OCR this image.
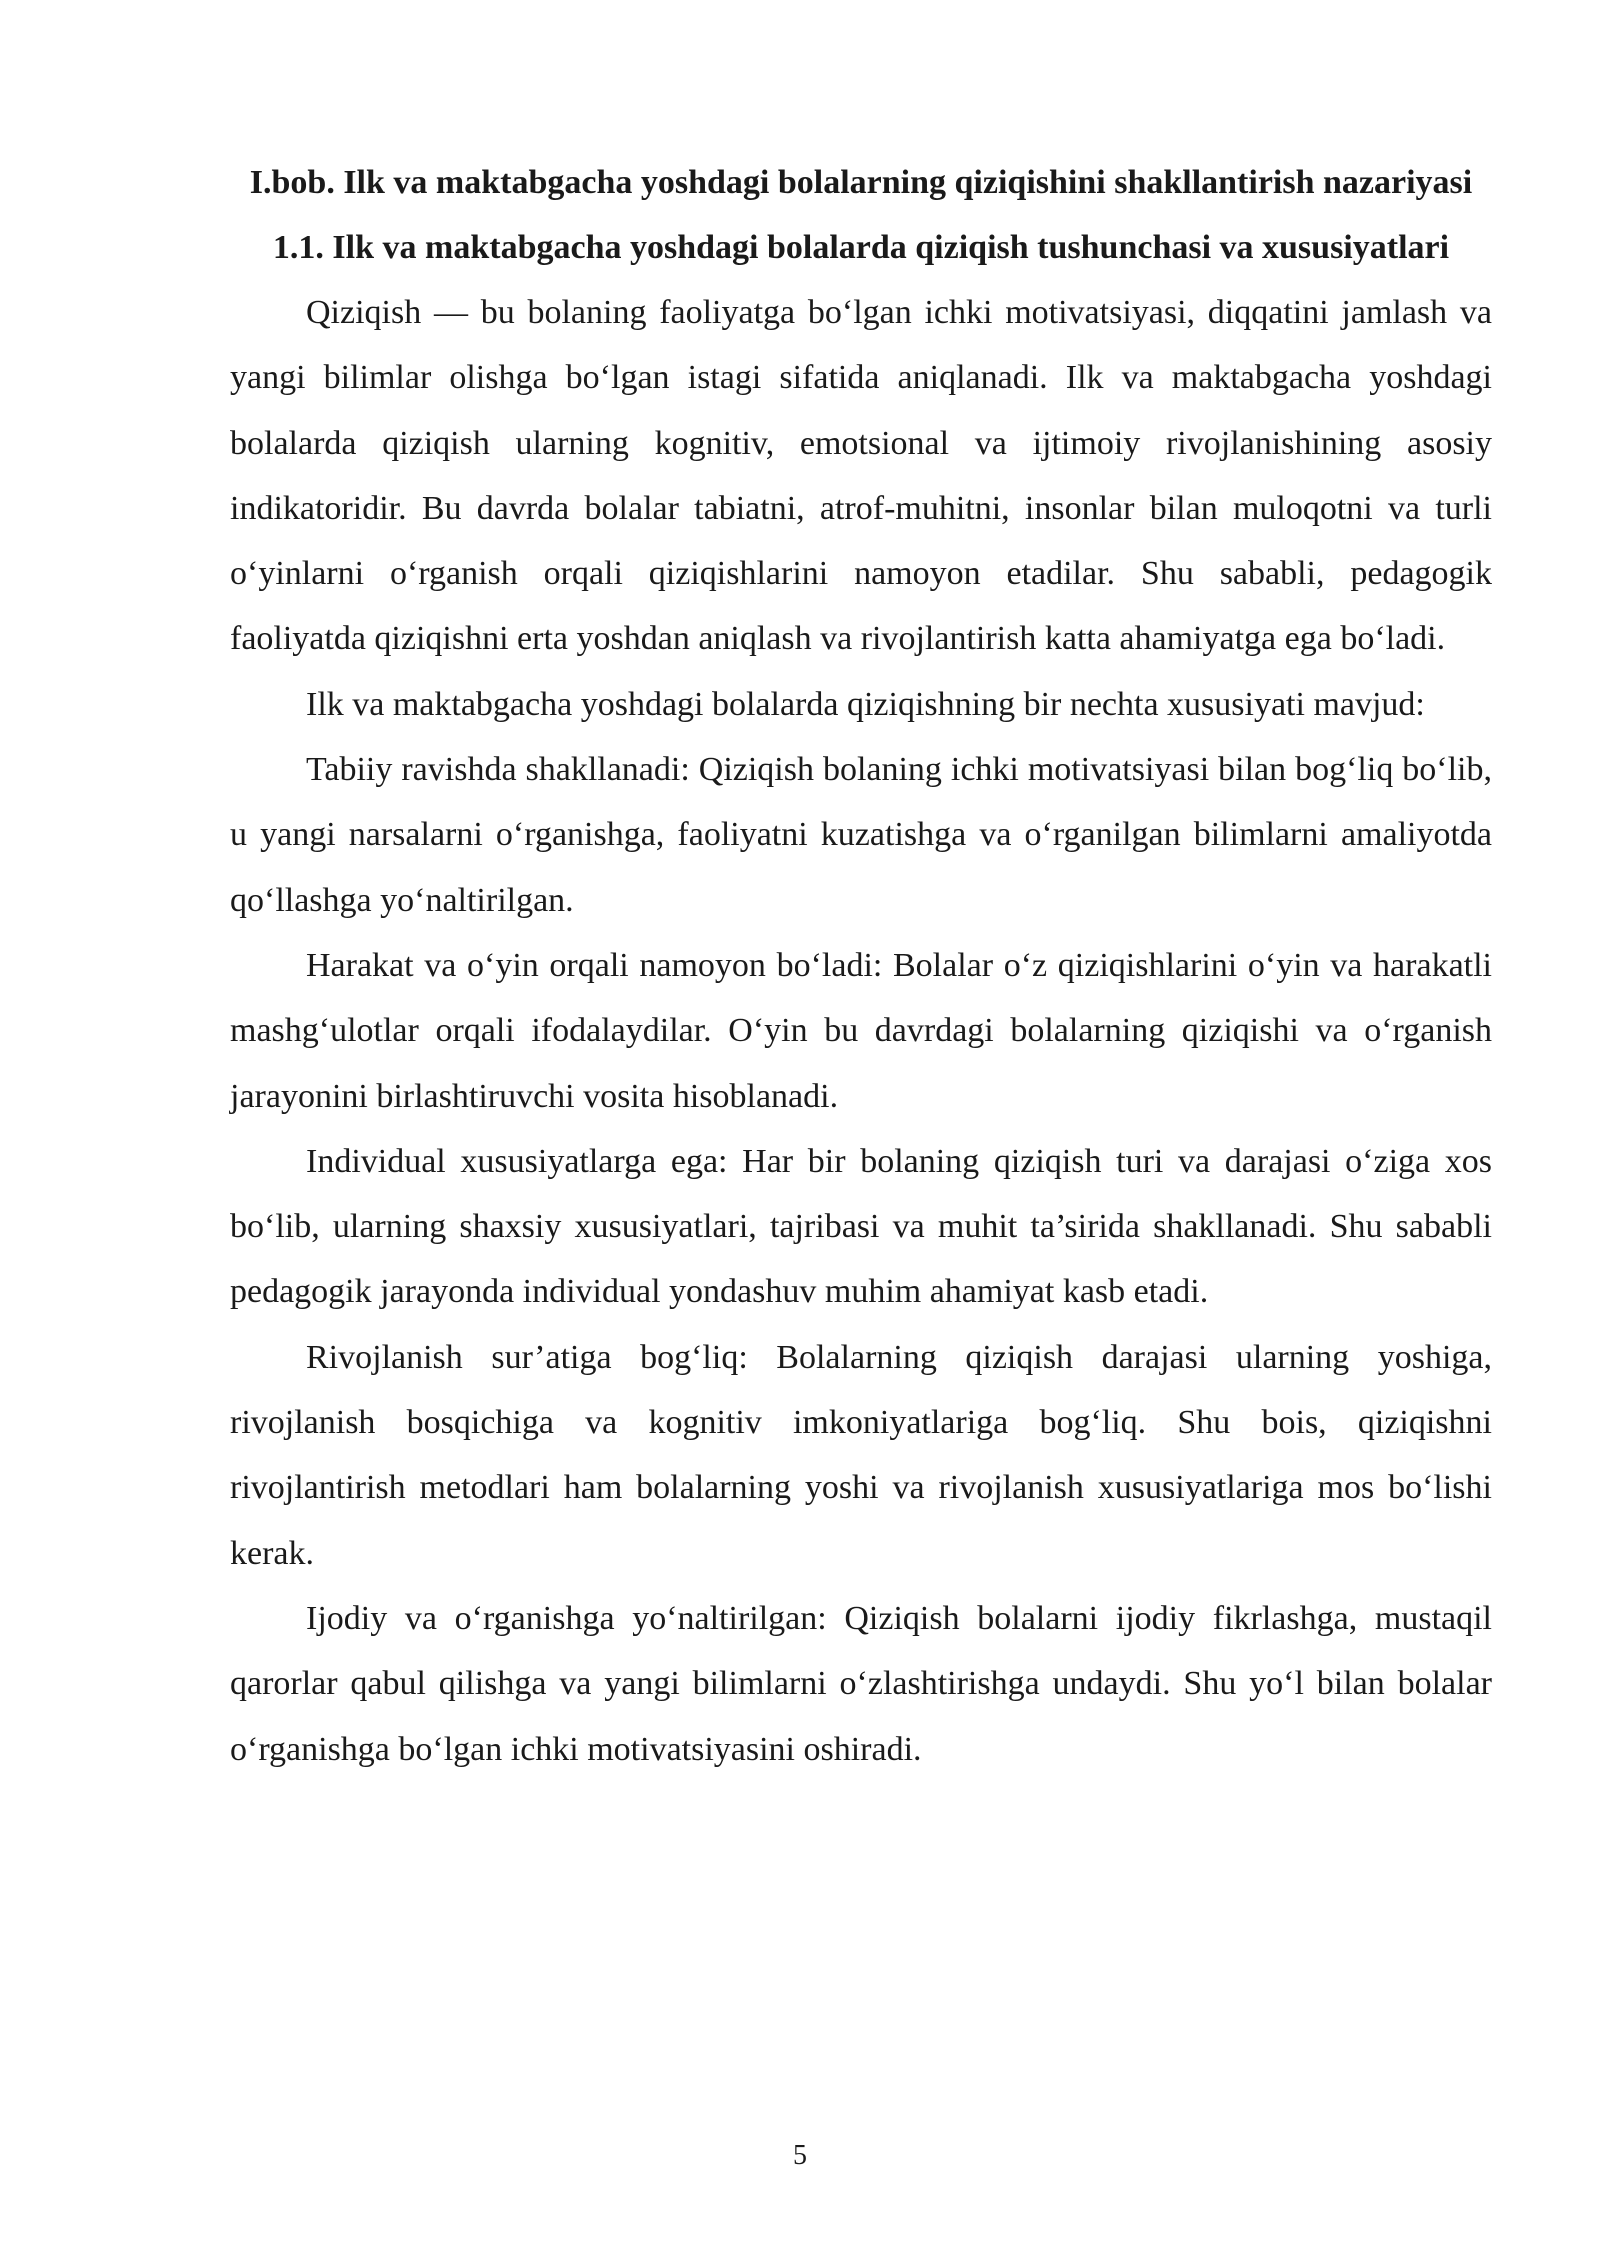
I.bob. Ilk va maktabgacha yoshdagi bolalarning qiziqishini shakllantirish nazariyasi
1.1. Ilk va maktabgacha yoshdagi bolalarda qiziqish tushunchasi va xususiyatlari

Qiziqish — bu bolaning faoliyatga bo‘lgan ichki motivatsiyasi, diqqatini jamlash va yangi bilimlar olishga bo‘lgan istagi sifatida aniqlanadi. Ilk va maktabgacha yoshdagi bolalarda qiziqish ularning kognitiv, emotsional va ijtimoiy rivojlanishining asosiy indikatoridir. Bu davrda bolalar tabiatni, atrof-muhitni, insonlar bilan muloqotni va turli o‘yinlarni o‘rganish orqali qiziqishlarini namoyon etadilar. Shu sababli, pedagogik faoliyatda qiziqishni erta yoshdan aniqlash va rivojlantirish katta ahamiyatga ega bo‘ladi.

Ilk va maktabgacha yoshdagi bolalarda qiziqishning bir nechta xususiyati mavjud:

Tabiiy ravishda shakllanadi: Qiziqish bolaning ichki motivatsiyasi bilan bog‘liq bo‘lib, u yangi narsalarni o‘rganishga, faoliyatni kuzatishga va o‘rganilgan bilimlarni amaliyotda qo‘llashga yo‘naltirilgan.

Harakat va o‘yin orqali namoyon bo‘ladi: Bolalar o‘z qiziqishlarini o‘yin va harakatli mashg‘ulotlar orqali ifodalaydilar. O‘yin bu davrdagi bolalarning qiziqishi va o‘rganish jarayonini birlashtiruvchi vosita hisoblanadi.

Individual xususiyatlarga ega: Har bir bolaning qiziqish turi va darajasi o‘ziga xos bo‘lib, ularning shaxsiy xususiyatlari, tajribasi va muhit ta’sirida shakllanadi. Shu sababli pedagogik jarayonda individual yondashuv muhim ahamiyat kasb etadi.

Rivojlanish sur’atiga bog‘liq: Bolalarning qiziqish darajasi ularning yoshiga, rivojlanish bosqichiga va kognitiv imkoniyatlariga bog‘liq. Shu bois, qiziqishni rivojlantirish metodlari ham bolalarning yoshi va rivojlanish xususiyatlariga mos bo‘lishi kerak.

Ijodiy va o‘rganishga yo‘naltirilgan: Qiziqish bolalarni ijodiy fikrlashga, mustaqil qarorlar qabul qilishga va yangi bilimlarni o‘zlashtirishga undaydi. Shu yo‘l bilan bolalar o‘rganishga bo‘lgan ichki motivatsiyasini oshiradi.

5
